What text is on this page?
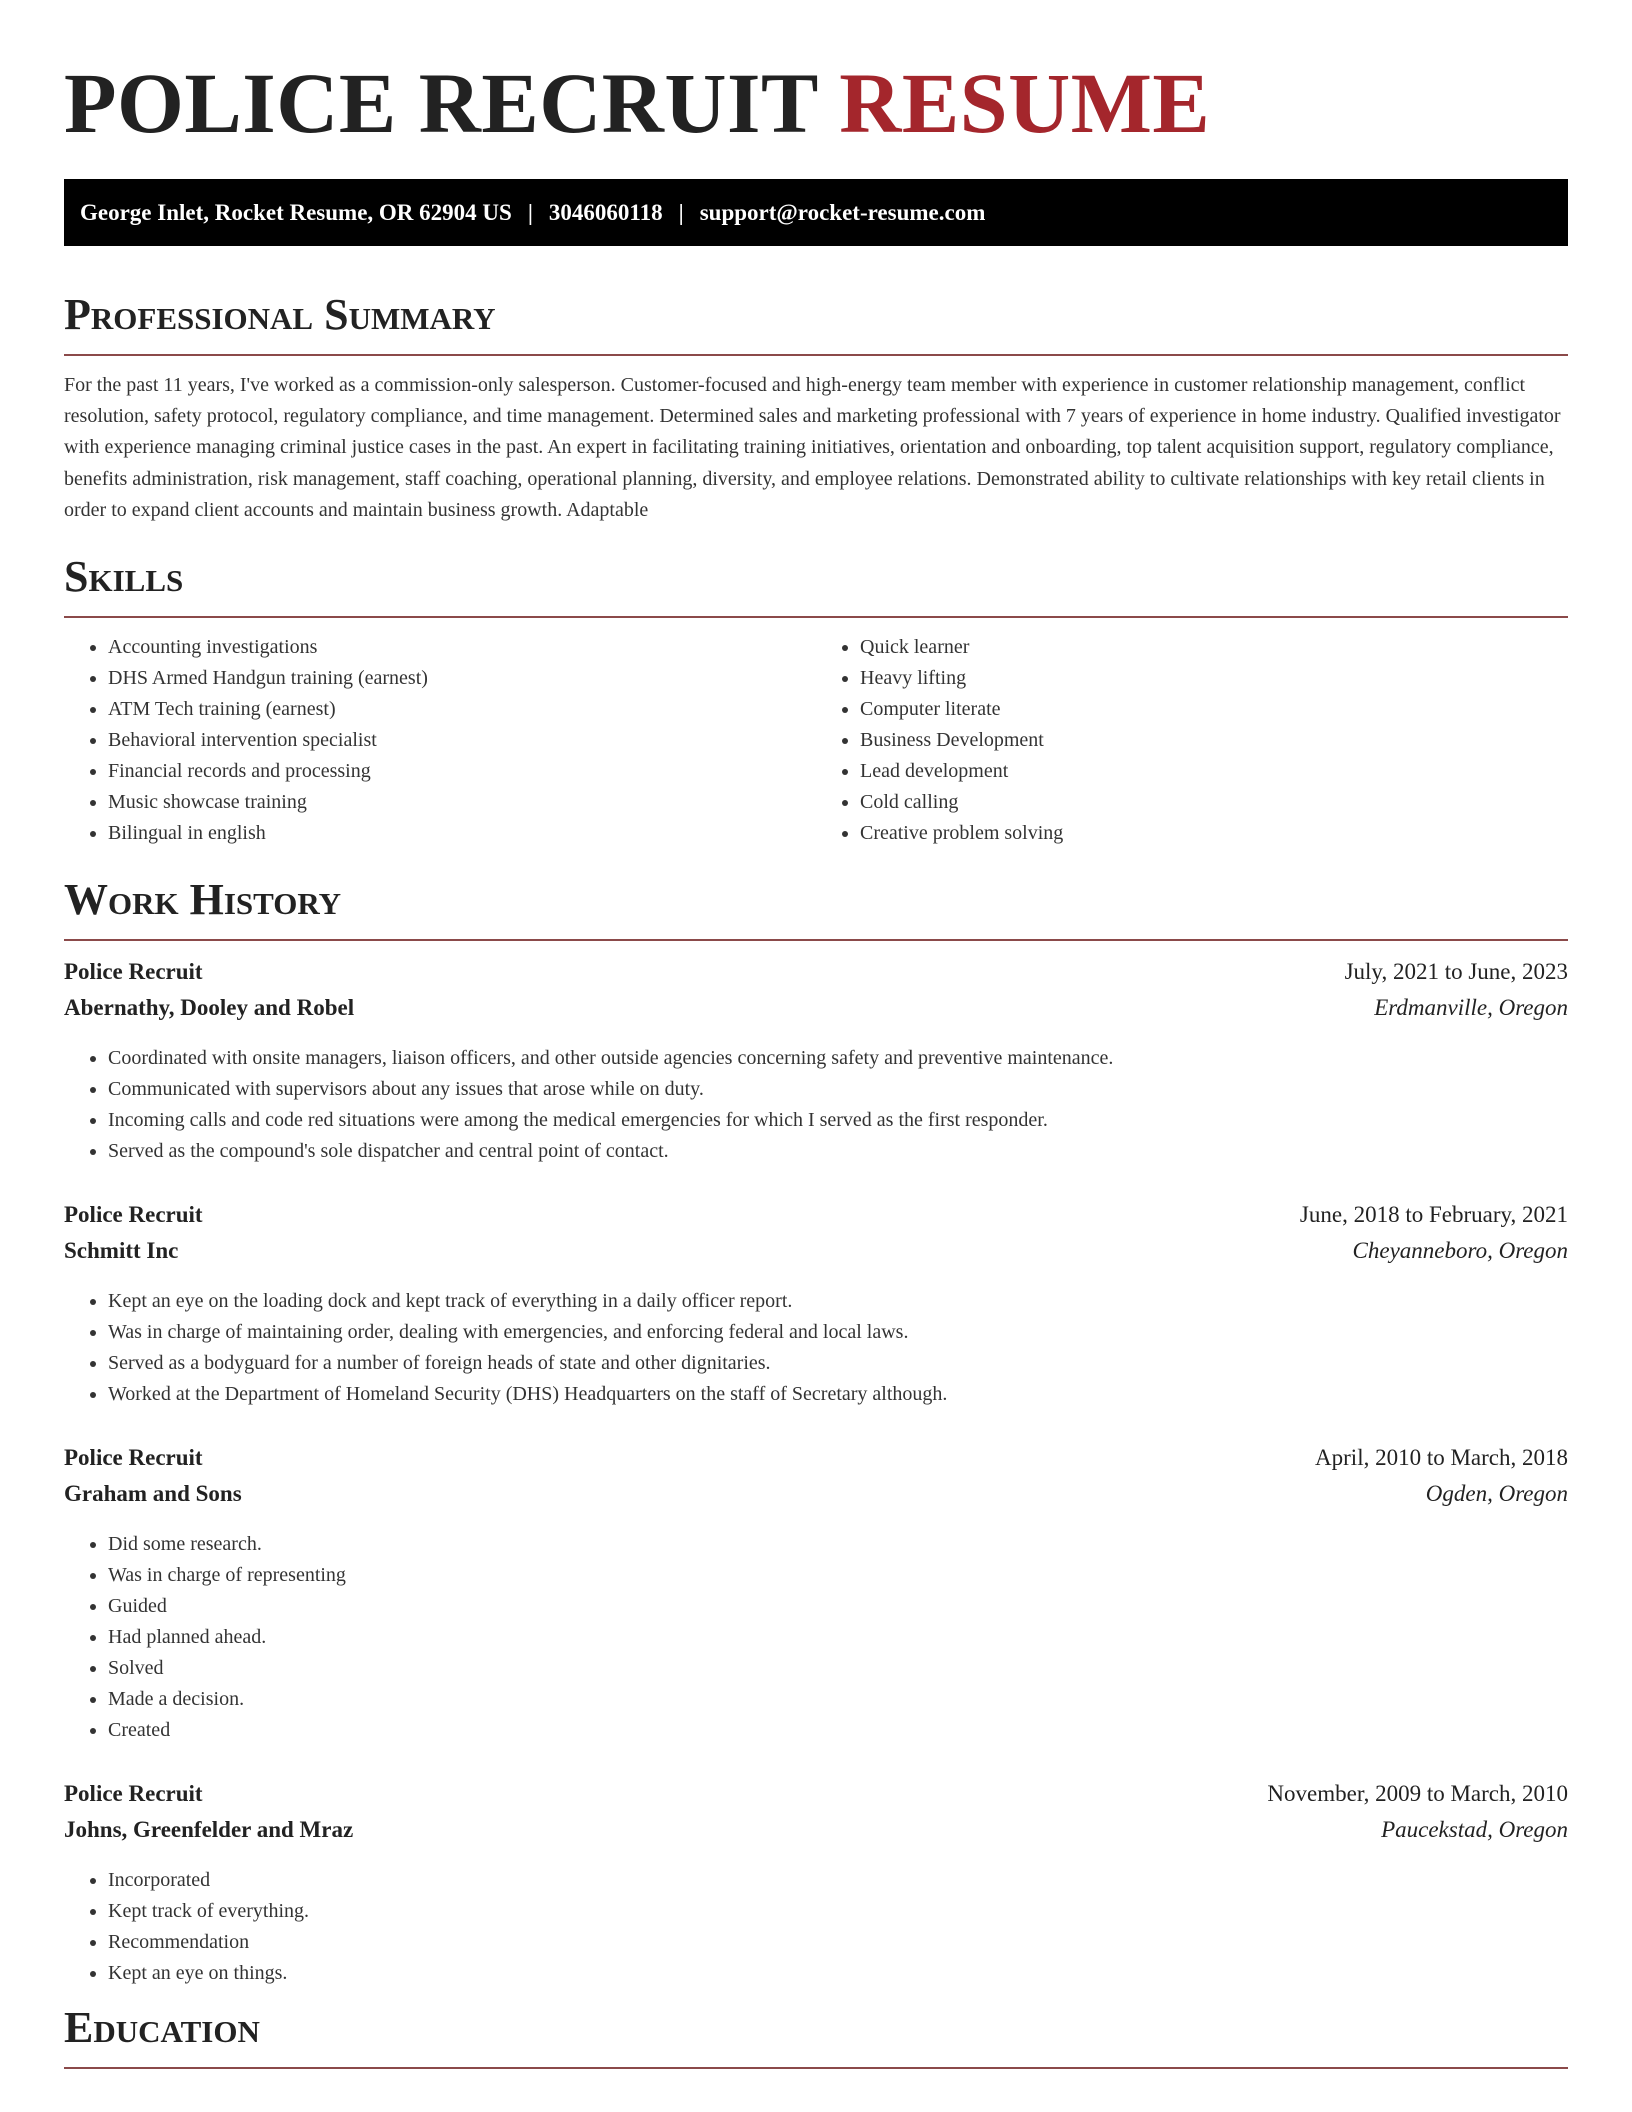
POLICE RECRUIT RESUME
George Inlet, Rocket Resume, OR 62904 US | 3046060118 | support@rocket-resume.com
Professional Summary

For the past 11 years, I've worked as a commission-only salesperson. Customer-focused and high-energy team member with experience in customer relationship management, conflict resolution, safety protocol, regulatory compliance, and time management. Determined sales and marketing professional with 7 years of experience in home industry. Qualified investigator with experience managing criminal justice cases in the past. An expert in facilitating training initiatives, orientation and onboarding, top talent acquisition support, regulatory compliance, benefits administration, risk management, staff coaching, operational planning, diversity, and employee relations. Demonstrated ability to cultivate relationships with key retail clients in order to expand client accounts and maintain business growth. Adaptable

Skills
• Accounting investigations
• DHS Armed Handgun training (earnest)
• ATM Tech training (earnest)
• Behavioral intervention specialist
• Financial records and processing
• Music showcase training
• Bilingual in english
• Quick learner
• Heavy lifting
• Computer literate
• Business Development
• Lead development
• Cold calling
• Creative problem solving
Work History
Police Recruit	July, 2021 to June, 2023
Abernathy, Dooley and Robel	Erdmanville, Oregon
• Coordinated with onsite managers, liaison officers, and other outside agencies concerning safety and preventive maintenance.
• Communicated with supervisors about any issues that arose while on duty.
• Incoming calls and code red situations were among the medical emergencies for which I served as the first responder.
• Served as the compound's sole dispatcher and central point of contact.
Police Recruit	June, 2018 to February, 2021
Schmitt Inc	Cheyanneboro, Oregon
• Kept an eye on the loading dock and kept track of everything in a daily officer report.
• Was in charge of maintaining order, dealing with emergencies, and enforcing federal and local laws.
• Served as a bodyguard for a number of foreign heads of state and other dignitaries.
• Worked at the Department of Homeland Security (DHS) Headquarters on the staff of Secretary although.
Police Recruit	April, 2010 to March, 2018
Graham and Sons	Ogden, Oregon
• Did some research.
• Was in charge of representing
• Guided
• Had planned ahead.
• Solved
• Made a decision.
• Created
Police Recruit	November, 2009 to March, 2010
Johns, Greenfelder and Mraz	Paucekstad, Oregon
• Incorporated
• Kept track of everything.
• Recommendation
• Kept an eye on things.
Education
